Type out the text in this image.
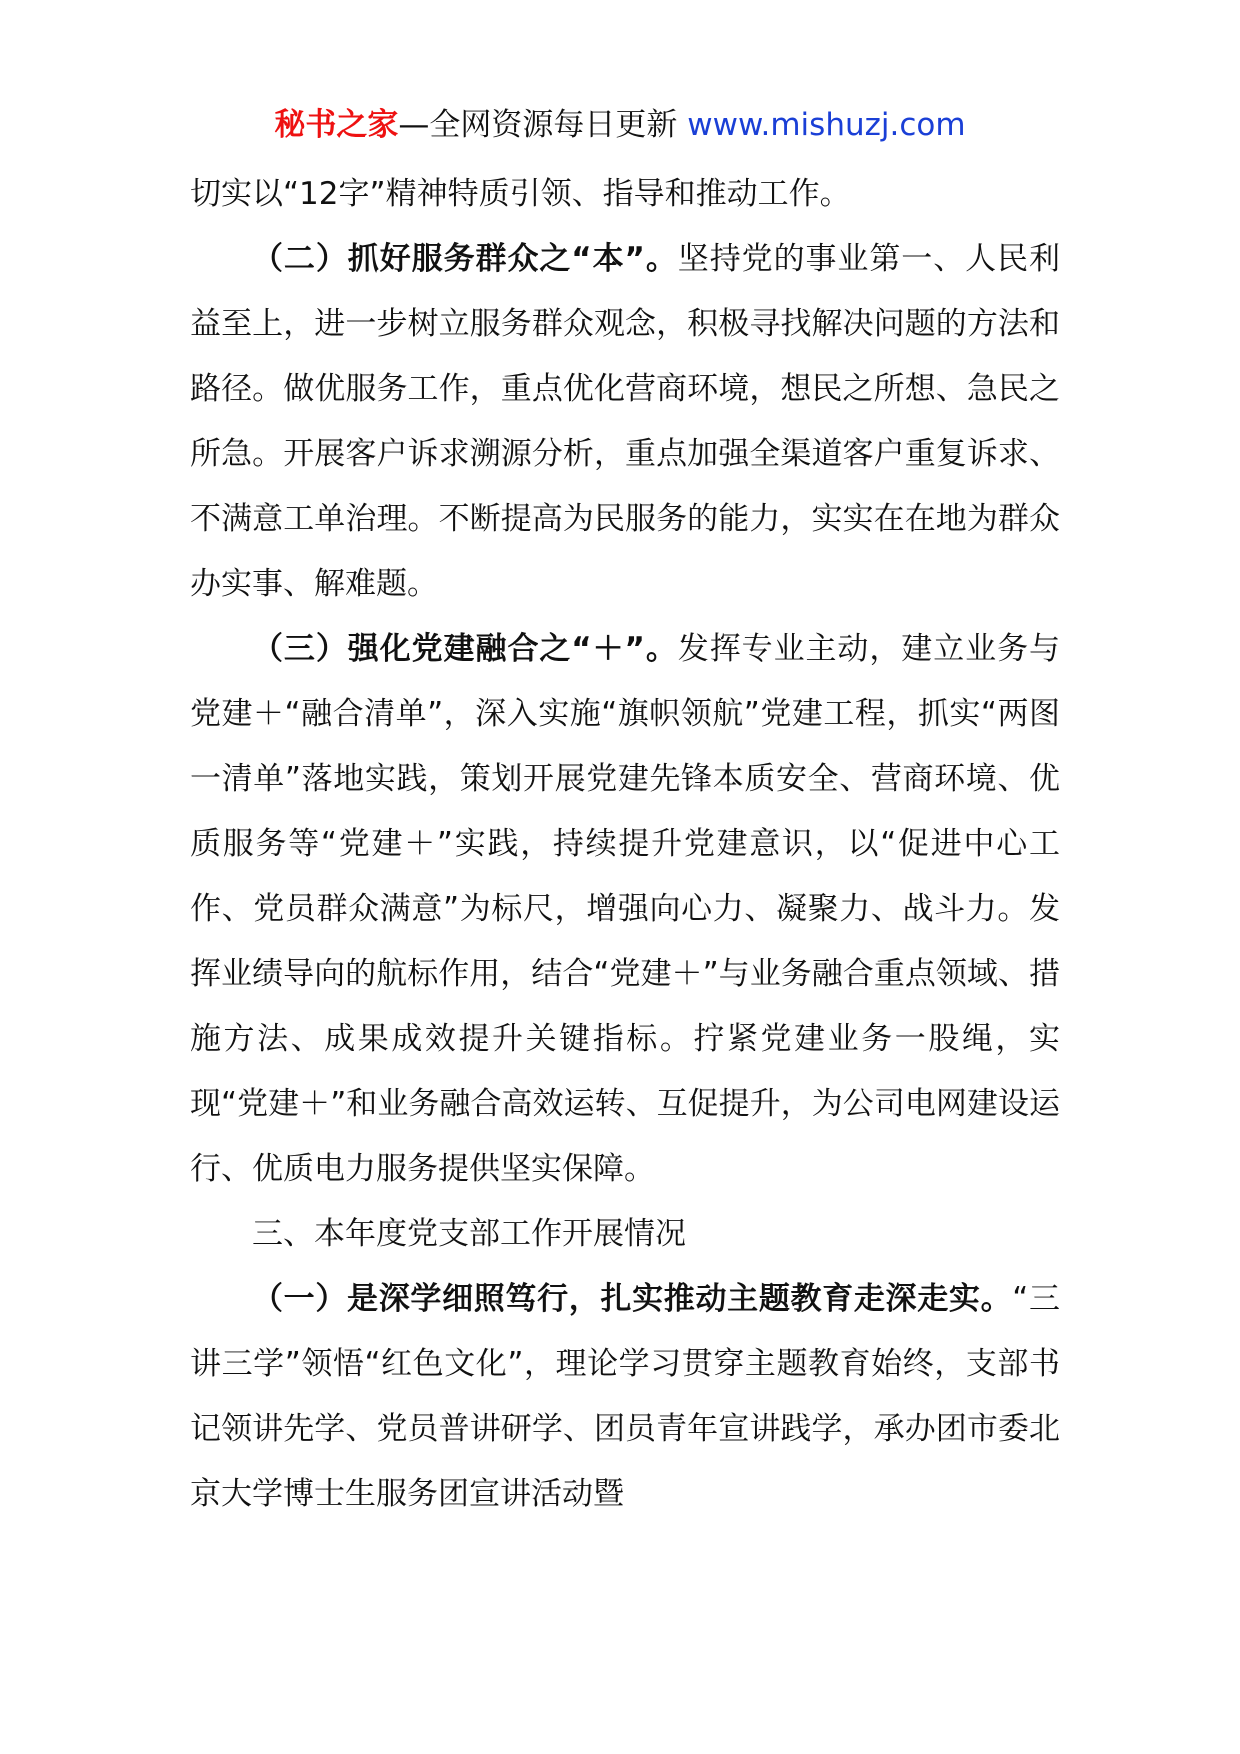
秘书之家—全网资源每日更新 www.mishuzj.com

切实以“12字”精神特质引领、指导和推动工作。

（二）抓好服务群众之“本”。坚持党的事业第一、人民利益至上，进一步树立服务群众观念，积极寻找解决问题的方法和路径。做优服务工作，重点优化营商环境，想民之所想、急民之所急。开展客户诉求溯源分析，重点加强全渠道客户重复诉求、不满意工单治理。不断提高为民服务的能力，实实在在地为群众办实事、解难题。

（三）强化党建融合之“＋”。发挥专业主动，建立业务与党建＋“融合清单”，深入实施“旗帜领航”党建工程，抓实“两图一清单”落地实践，策划开展党建先锋本质安全、营商环境、优质服务等“党建＋”实践，持续提升党建意识，以“促进中心工作、党员群众满意”为标尺，增强向心力、凝聚力、战斗力。发挥业绩导向的航标作用，结合“党建＋”与业务融合重点领域、措施方法、成果成效提升关键指标。拧紧党建业务一股绳，实现“党建＋”和业务融合高效运转、互促提升，为公司电网建设运行、优质电力服务提供坚实保障。

三、本年度党支部工作开展情况

（一）是深学细照笃行，扎实推动主题教育走深走实。“三讲三学”领悟“红色文化”，理论学习贯穿主题教育始终，支部书记领讲先学、党员普讲研学、团员青年宣讲践学，承办团市委北京大学博士生服务团宣讲活动暨
